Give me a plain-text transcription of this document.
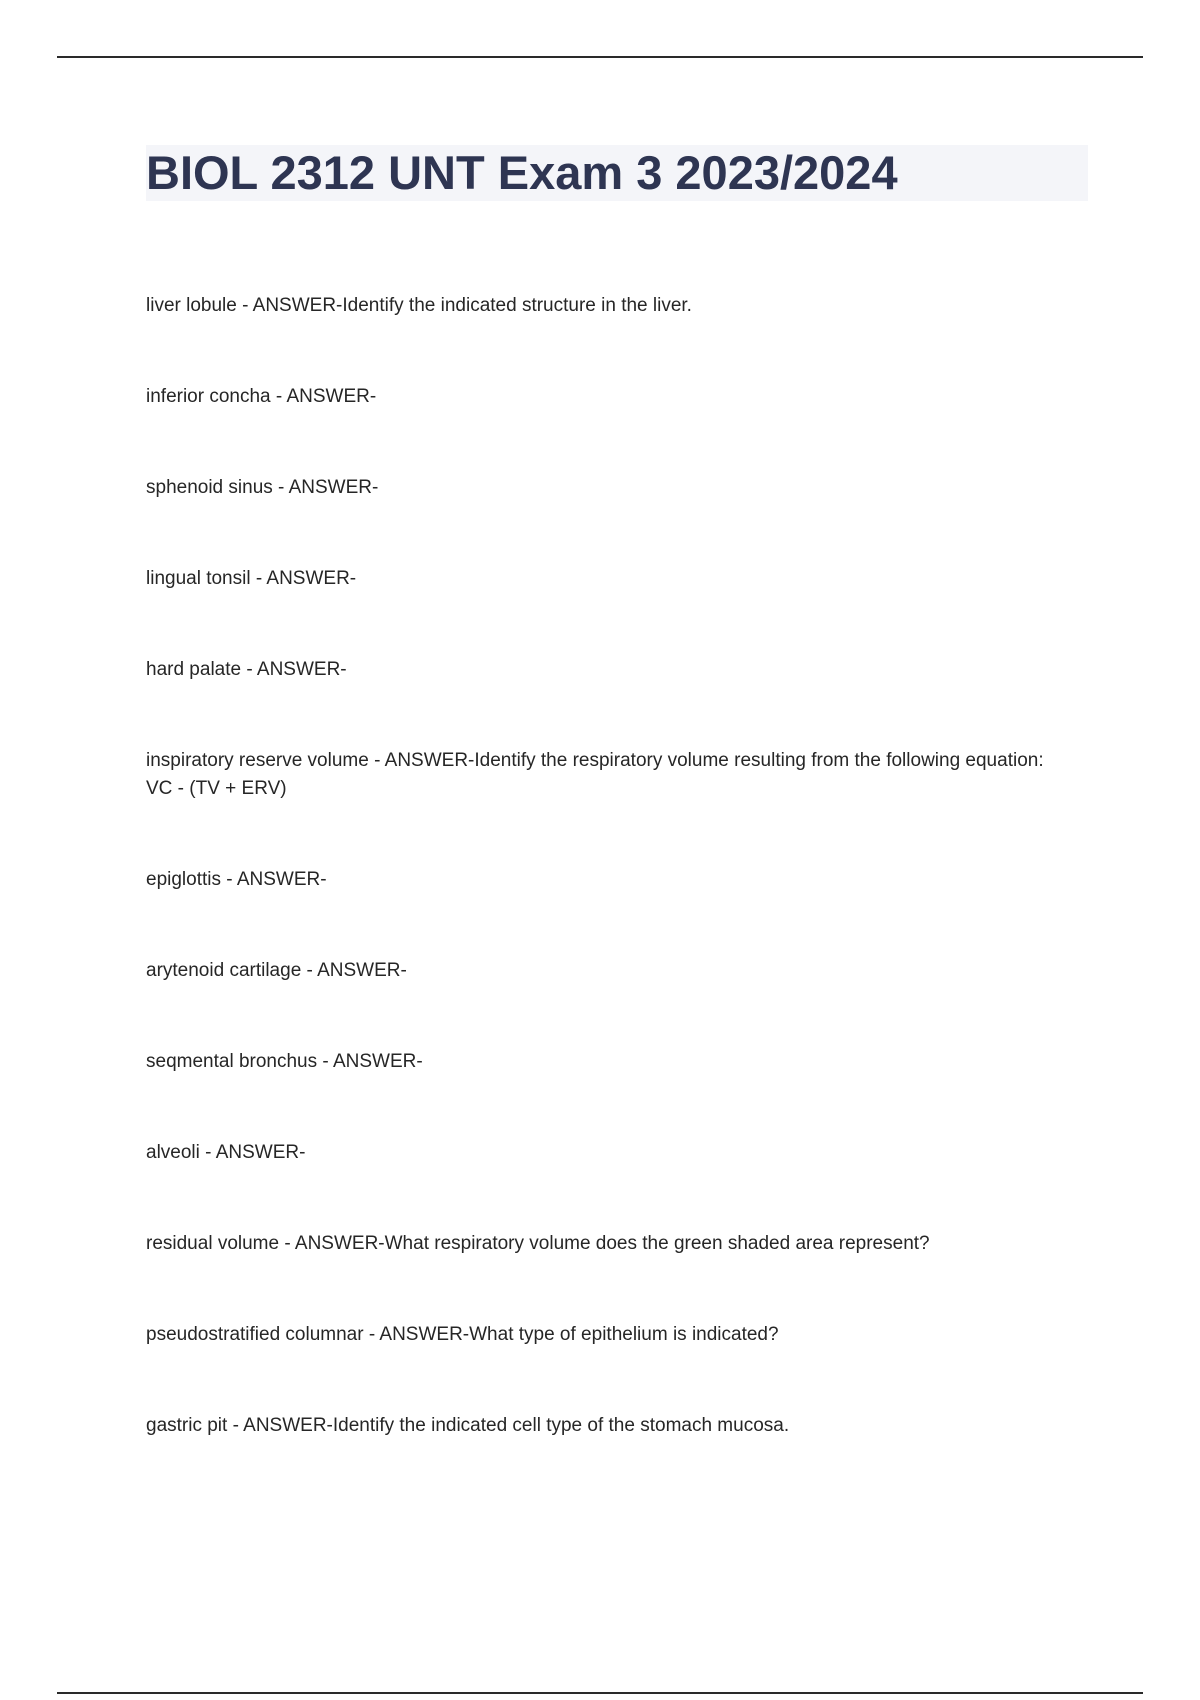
BIOL 2312 UNT Exam 3 2023/2024
liver lobule - ANSWER-Identify the indicated structure in the liver.
inferior concha - ANSWER-
sphenoid sinus - ANSWER-
lingual tonsil - ANSWER-
hard palate - ANSWER-
inspiratory reserve volume - ANSWER-Identify the respiratory volume resulting from the following equation: VC - (TV + ERV)
epiglottis - ANSWER-
arytenoid cartilage - ANSWER-
seqmental bronchus - ANSWER-
alveoli - ANSWER-
residual volume - ANSWER-What respiratory volume does the green shaded area represent?
pseudostratified columnar - ANSWER-What type of epithelium is indicated?
gastric pit - ANSWER-Identify the indicated cell type of the stomach mucosa.
